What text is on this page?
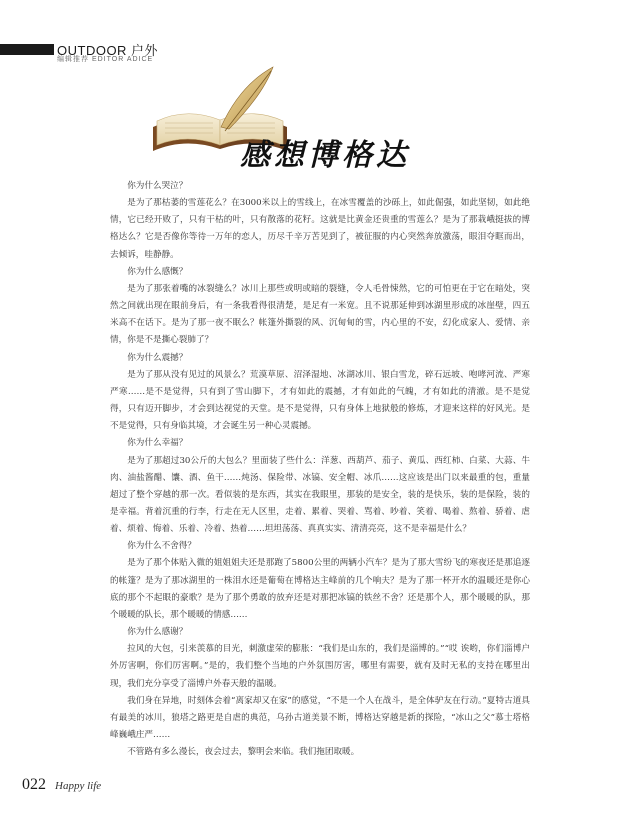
OUTDOOR 户外
编辑推荐 EDITOR ADICE
感想博格达

你为什么哭泣？

是为了那枯萎的雪莲花么？在3000米以上的雪线上，在冰雪覆盖的沙砾上，如此倔强，如此坚韧，如此绝情，它已经开败了，只有干枯的叶，只有散落的花籽。这就是比黄金还贵重的雪莲么？是为了那栽峨挺拔的博格达么？它是否像你等待一万年的恋人，历尽千辛万苦见到了，被征服的内心突然奔放激荡，眼泪夺眶而出，去倾诉，哇静静。

你为什么感慨？

是为了那张着嘴的冰裂缝么？冰川上那些或明或暗的裂缝，令人毛骨悚然，它的可怕更在于它在暗处，突然之间就出现在眼前身后，有一条我看得很清楚，是足有一米宽。且不说那延伸到冰湖里形成的冰崖壁，四五米高不在话下。是为了那一夜不眠么？帐篷外撕裂的风、沉甸甸的雪，内心里的不安，幻化成家人、爱情、亲情，你是不是撕心裂肺了？

你为什么震撼？

是为了那从没有见过的风景么？荒漠草原、沼泽湿地、冰湖冰川、银白雪龙，碎石远坡、咆哮河流、严寒严寒……是不是觉得，只有到了雪山脚下，才有如此的震撼，才有如此的气魄，才有如此的清澈。是不是觉得，只有迈开脚步，才会到达视觉的天堂。是不是觉得，只有身体上地狱般的修炼，才迎来这样的好风光。是不是觉得，只有身临其境，才会诞生另一种心灵震撼。

你为什么幸福？

是为了那超过30公斤的大包么？里面装了些什么：洋葱、西葫芦、茄子、黄瓜、西红柿、白菜、大蒜、牛肉、油盐酱醋、馕、酒、鱼干……炖汤、保险带、冰镐、安全帽、冰爪……这应该是出门以来最重的包，重量超过了整个穿越的那一次。看似装的是东西，其实在我眼里，那装的是安全，装的是快乐，装的是保险，装的是幸福。背着沉重的行李，行走在无人区里，走着、累着、哭着、骂着、吵着、笑着、喝着、熬着、骄着、虐着、烦着、悔着、乐着、冷着、热着……坦坦荡荡、真真实实、清清亮亮，这不是幸福是什么？

你为什么不舍得？

是为了那个体贴入微的姐姐姐夫还是那跑了5800公里的两辆小汽车？是为了那大雪纷飞的寒夜还是那追逐的帐篷？是为了那冰湖里的一株泪水还是葡萄在博格达主峰前的几个响夫？是为了那一杯开水的温暖还是你心底的那个不起眼的豪歌？是为了那个勇敢的放弃还是对那把冰镐的铁丝不舍？还是那个人，那个暖暖的队，那个暖暖的队长，那个暖暖的情感……

你为什么感谢？

拉风的大包，引来羡慕的目光，刺激虚荣的膨胀：“我们是山东的，我们是淄博的。”“哎 诶哟，你们淄博户外厉害啊，你们厉害啊。”是的，我们整个当地的户外氛围厉害，哪里有需要，就有及时无私的支持在哪里出现，我们充分享受了淄博户外春天般的温暖。

我们身在异地，时刻体会着“离家却又在家”的感觉，“不是一个人在战斗，是全体驴友在行动。”夏特古道具有最美的冰川，狼塔之路更是自虐的典范，乌孙古道美景不断，博格达穿越是新的探险，“冰山之父”慕士塔格峰巍峨庄严……

不管路有多么漫长，夜会过去，黎明会来临。我们拖团取暖。

022 Happy life
